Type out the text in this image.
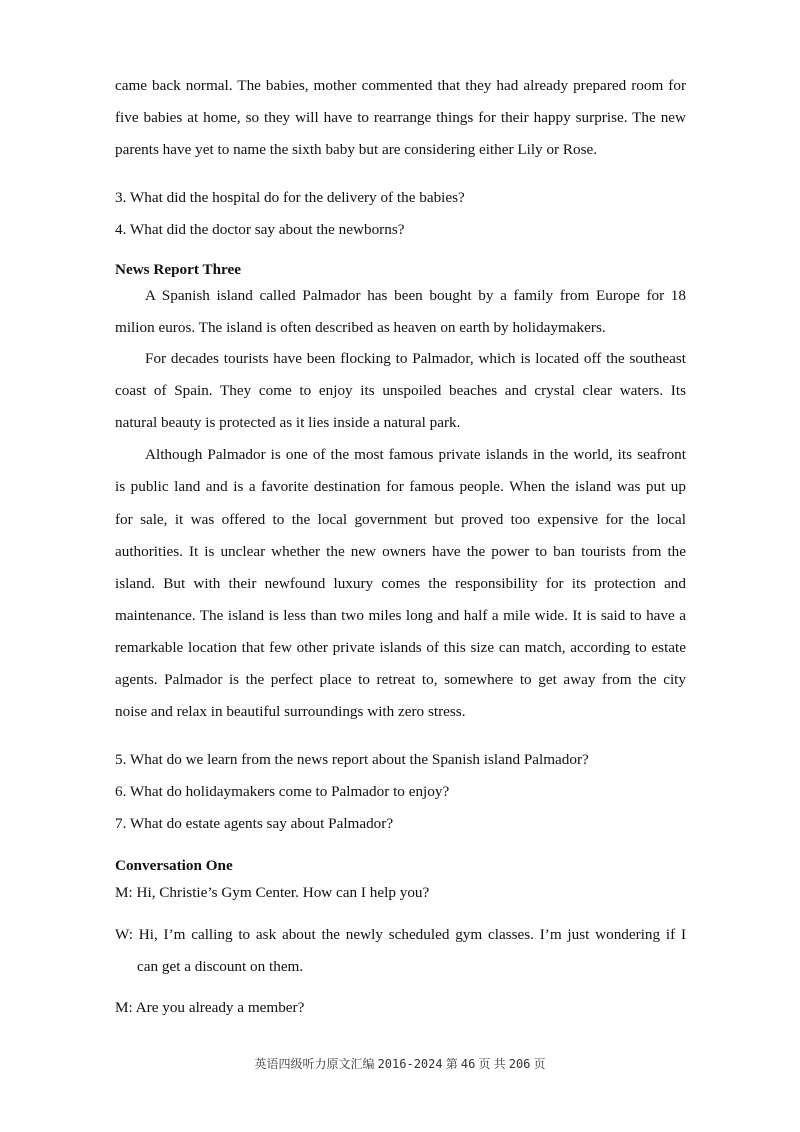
came back normal. The babies, mother commented that they had already prepared room for
five babies at home, so they will have to rearrange things for their happy surprise. The new
parents have yet to name the sixth baby but are considering either Lily or Rose.
3. What did the hospital do for the delivery of the babies?
4. What did the doctor say about the newborns?
News Report Three
A Spanish island called Palmador has been bought by a family from Europe for 18
milion euros. The island is often described as heaven on earth by holidaymakers.
For decades tourists have been flocking to Palmador, which is located off the southeast
coast of Spain. They come to enjoy its unspoiled beaches and crystal clear waters. Its
natural beauty is protected as it lies inside a natural park.
Although Palmador is one of the most famous private islands in the world, its seafront
is public land and is a favorite destination for famous people. When the island was put up
for sale, it was offered to the local government but proved too expensive for the local
authorities. It is unclear whether the new owners have the power to ban tourists from the
island. But with their newfound luxury comes the responsibility for its protection and
maintenance. The island is less than two miles long and half a mile wide. It is said to have a
remarkable location that few other private islands of this size can match, according to estate
agents. Palmador is the perfect place to retreat to, somewhere to get away from the city
noise and relax in beautiful surroundings with zero stress.
5. What do we learn from the news report about the Spanish island Palmador?
6. What do holidaymakers come to Palmador to enjoy?
7. What do estate agents say about Palmador?
Conversation One
M: Hi, Christie’s Gym Center. How can I help you?
W: Hi, I’m calling to ask about the newly scheduled gym classes. I’m just wondering if I
can get a discount on them.
M: Are you already a member?
英语四级听力原文汇编 2016-2024 第 46 页 共 206 页
